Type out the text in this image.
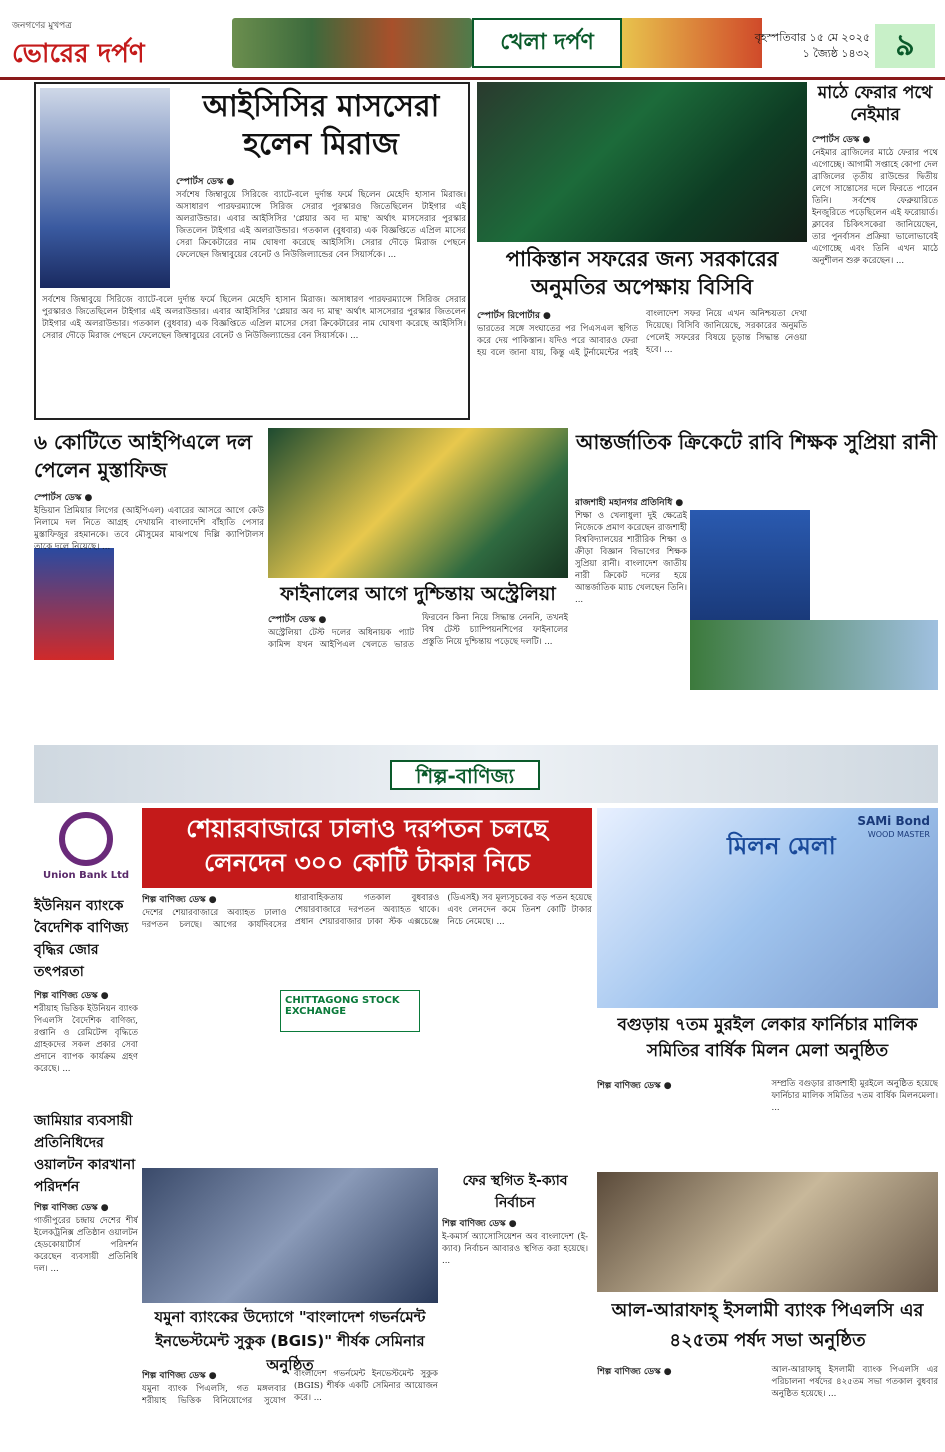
জনগণের মুখপত্র
ভোরের দর্পণ	খেলা দর্পণ	বৃহস্পতিবার ১৫ মে ২০২৫
১ জ্যৈষ্ঠ ১৪৩২ ৯
আইসিসির মাসসেরা হলেন মিরাজ
স্পোর্টস ডেস্ক ●
সর্বশেষ জিম্বাবুয়ে সিরিজে ব্যাটে-বলে দুর্দান্ত ফর্মে ছিলেন মেহেদি হাসান মিরাজ। অসাধারণ পারফরম্যান্সে সিরিজ সেরার পুরস্কারও জিতেছিলেন টাইগার এই অলরাউন্ডার। এবার আইসিসির 'প্লেয়ার অব দ্য মান্থ' অর্থাৎ মাসসেরার পুরস্কার জিতলেন টাইগার এই অলরাউন্ডার। গতকাল (বুধবার) এক বিজ্ঞপ্তিতে এপ্রিল মাসের সেরা ক্রিকেটারের নাম ঘোষণা করেছে আইসিসি। সেরার দৌড়ে মিরাজ পেছনে ফেলেছেন জিম্বাবুয়ের বেনেট ও নিউজিল্যান্ডের বেন সিয়ার্সকে। ...
সর্বশেষ জিম্বাবুয়ে সিরিজে ব্যাটে-বলে দুর্দান্ত ফর্মে ছিলেন মেহেদি হাসান মিরাজ। অসাধারণ পারফরম্যান্সে সিরিজ সেরার পুরস্কারও জিতেছিলেন টাইগার এই অলরাউন্ডার। এবার আইসিসির 'প্লেয়ার অব দ্য মান্থ' অর্থাৎ মাসসেরার পুরস্কার জিতলেন টাইগার এই অলরাউন্ডার। গতকাল (বুধবার) এক বিজ্ঞপ্তিতে এপ্রিল মাসের সেরা ক্রিকেটারের নাম ঘোষণা করেছে আইসিসি। সেরার দৌড়ে মিরাজ পেছনে ফেলেছেন জিম্বাবুয়ের বেনেট ও নিউজিল্যান্ডের বেন সিয়ার্সকে। ...
পাকিস্তান সফরের জন্য সরকারের অনুমতির অপেক্ষায় বিসিবি
স্পোর্টস রিপোর্টার ●
ভারতের সঙ্গে সংঘাতের পর পিএসএল স্থগিত করে দেয় পাকিস্তান। যদিও পরে আবারও ফেরা হয় বলে জানা যায়, কিন্তু এই টুর্নামেন্টের পরই বাংলাদেশ সফর নিয়ে এখন অনিশ্চয়তা দেখা দিয়েছে। বিসিবি জানিয়েছে, সরকারের অনুমতি পেলেই সফরের বিষয়ে চূড়ান্ত সিদ্ধান্ত নেওয়া হবে। ...
মাঠে ফেরার পথে নেইমার
স্পোর্টস ডেস্ক ●
নেইমার ব্রাজিলের মাঠে ফেরার পথে এগোচ্ছে। আগামী সপ্তাহে কোপা দেল ব্রাজিলের তৃতীয় রাউন্ডের দ্বিতীয় লেগে সান্তোসের দলে ফিরতে পারেন তিনি। সর্বশেষ ফেব্রুয়ারিতে ইনজুরিতে পড়েছিলেন এই ফরোয়ার্ড। ক্লাবের চিকিৎসকেরা জানিয়েছেন, তার পুনর্বাসন প্রক্রিয়া ভালোভাবেই এগোচ্ছে এবং তিনি এখন মাঠে অনুশীলন শুরু করেছেন। ...
৬ কোটিতে আইপিএলে দল পেলেন মুস্তাফিজ
স্পোর্টস ডেস্ক ●
ইন্ডিয়ান প্রিমিয়ার লিগের (আইপিএল) এবারের আসরে আগে কেউ নিলামে দল নিতে আগ্রহ দেখায়নি বাংলাদেশি বাঁহাতি পেসার মুস্তাফিজুর রহমানকে। তবে মৌসুমের মাঝপথে দিল্লি ক্যাপিটালস তাকে দলে নিয়েছে। ...
ফাইনালের আগে দুশ্চিন্তায় অস্ট্রেলিয়া
স্পোর্টস ডেস্ক ●
অস্ট্রেলিয়া টেস্ট দলের অধিনায়ক প্যাট কামিন্স যখন আইপিএল খেলতে ভারত ফিরবেন কিনা নিয়ে সিদ্ধান্ত নেননি, তখনই বিশ্ব টেস্ট চ্যাম্পিয়নশিপের ফাইনালের প্রস্তুতি নিয়ে দুশ্চিন্তায় পড়েছে দলটি। ...
আন্তর্জাতিক ক্রিকেটে রাবি শিক্ষক সুপ্রিয়া রানী
রাজশাহী মহানগর প্রতিনিধি ●
শিক্ষা ও খেলাধুলা দুই ক্ষেত্রেই নিজেকে প্রমাণ করেছেন রাজশাহী বিশ্ববিদ্যালয়ের শারীরিক শিক্ষা ও ক্রীড়া বিজ্ঞান বিভাগের শিক্ষক সুপ্রিয়া রানী। বাংলাদেশ জাতীয় নারী ক্রিকেট দলের হয়ে আন্তর্জাতিক ম্যাচ খেলছেন তিনি। ...
শিল্প-বাণিজ্য
Union Bank Ltd
ইউনিয়ন ব্যাংকে বৈদেশিক বাণিজ্য বৃদ্ধির জোর তৎপরতা
শিল্প বাণিজ্য ডেস্ক ●
শরীয়াহ ভিত্তিক ইউনিয়ন ব্যাংক পিএলসি বৈদেশিক বাণিজ্য, রপ্তানি ও রেমিটেন্স বৃদ্ধিতে গ্রাহকদের সকল প্রকার সেবা প্রদানে ব্যাপক কার্যক্রম গ্রহণ করেছে। ...
জামিয়ার ব্যবসায়ী প্রতিনিধিদের ওয়ালটন কারখানা পরিদর্শন
শিল্প বাণিজ্য ডেস্ক ●
গাজীপুরের চন্দ্রায় দেশের শীর্ষ ইলেকট্রনিক্স প্রতিষ্ঠান ওয়ালটন হেডকোয়ার্টার্স পরিদর্শন করেছেন ব্যবসায়ী প্রতিনিধি দল। ...
শেয়ারবাজারে ঢালাও দরপতন চলছে লেনদেন ৩০০ কোটি টাকার নিচে
শিল্প বাণিজ্য ডেস্ক ●
দেশের শেয়ারবাজারে অব্যাহত ঢালাও দরপতন চলছে। আগের কার্যদিবসের ধারাবাহিকতায় গতকাল বুধবারও শেয়ারবাজারে দরপতন অব্যাহত থাকে। প্রধান শেয়ারবাজার ঢাকা স্টক এক্সচেঞ্জে (ডিএসই) সব মূল্যসূচকের বড় পতন হয়েছে এবং লেনদেন কমে তিনশ কোটি টাকার নিচে নেমেছে। ...
CHITTAGONG STOCK EXCHANGE
SAMi Bond
WOOD MASTER
মিলন মেলা
বগুড়ায় ৭তম মুরইল লেকার ফার্নিচার মালিক সমিতির বার্ষিক মিলন মেলা অনুষ্ঠিত
শিল্প বাণিজ্য ডেস্ক ●	সম্প্রতি বগুড়ার রাজশাহী মুরইলে অনুষ্ঠিত হয়েছে ফার্নিচার মালিক সমিতির ৭তম বার্ষিক মিলনমেলা। ...
ফের স্থগিত ই-ক্যাব নির্বাচন
শিল্প বাণিজ্য ডেস্ক ●
ই-কমার্স অ্যাসোসিয়েশন অব বাংলাদেশ (ই-ক্যাব) নির্বাচন আবারও স্থগিত করা হয়েছে। ...
যমুনা ব্যাংকের উদ্যোগে "বাংলাদেশ গভর্নমেন্ট ইনভেস্টমেন্ট সুকুক (BGIS)" শীর্ষক সেমিনার অনুষ্ঠিত
শিল্প বাণিজ্য ডেস্ক ●
যমুনা ব্যাংক পিএলসি, গত মঙ্গলবার শরীয়াহ ভিত্তিক বিনিয়োগের সুযোগ বাংলাদেশ গভর্নমেন্ট ইনভেস্টমেন্ট সুকুক (BGIS) শীর্ষক একটি সেমিনার আয়োজন করে। ...
আল-আরাফাহ্ ইসলামী ব্যাংক পিএলসি এর ৪২৫তম পর্ষদ সভা অনুষ্ঠিত
শিল্প বাণিজ্য ডেস্ক ●	আল-আরাফাহ্ ইসলামী ব্যাংক পিএলসি এর পরিচালনা পর্ষদের ৪২৫তম সভা গতকাল বুধবার অনুষ্ঠিত হয়েছে। ...
